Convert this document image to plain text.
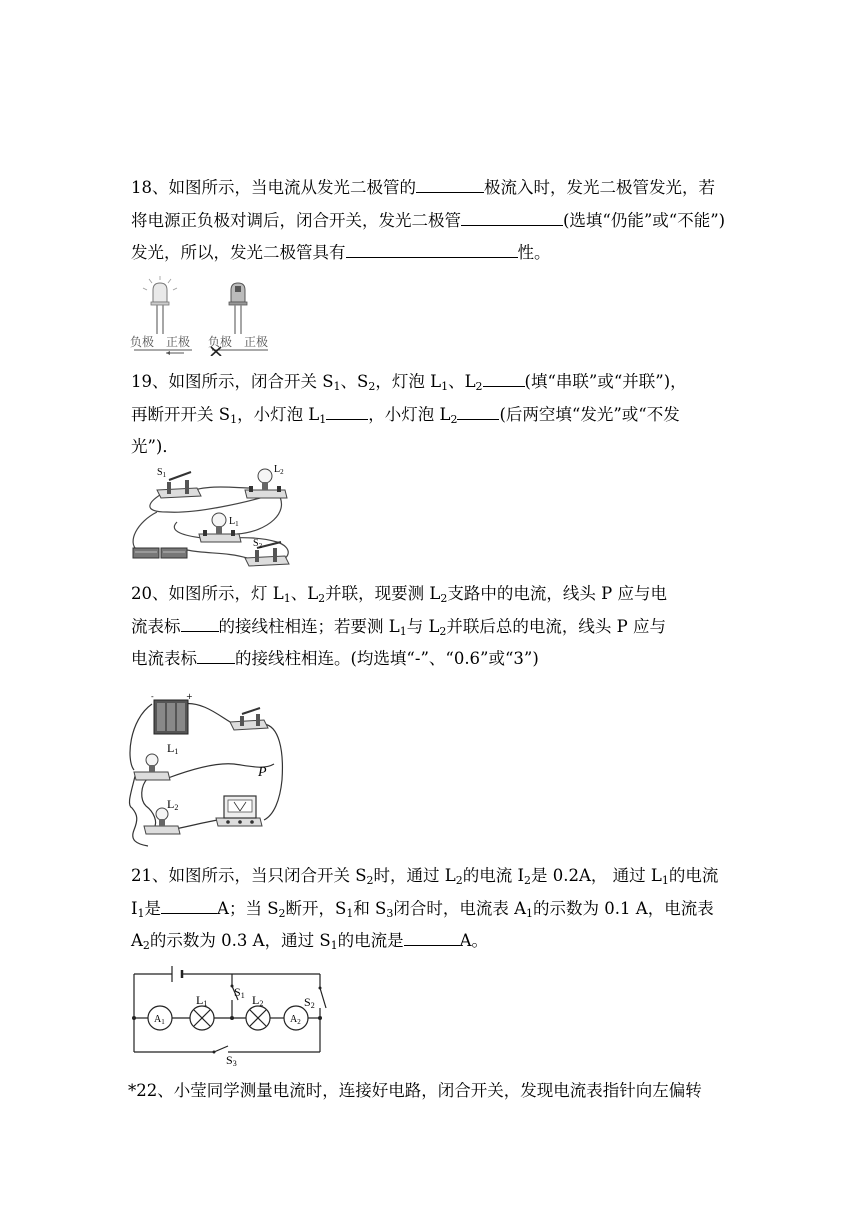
18、如图所示，当电流从发光二极管的	极流入时，发光二极管发光，若

将电源正负极对调后，闭合开关，发光二极管	(选填“仍能”或“不能”)

发光，所以，发光二极管具有	性。

负极 正极 负极 正极

19、如图所示，闭合开关 $S_1$、$S_2$，灯泡 $L_1$、$L_2$	(填“串联”或“并联”)，

再断开开关 $S_1$，小灯泡 $L_1$	，小灯泡 $L_2$	(后两空填“发光”或“不发

光”)．

$S_1$	$L_2$
$L_1$
$S_2$

20、如图所示，灯 $L_1$、$L_2$并联，现要测 $L_2$支路中的电流，线头 P 应与电

流表标 的接线柱相连；若要测 $L_1$与 $L_2$并联后总的电流，线头 P 应与

电流表标 的接线柱相连。(均选填“-”、“0.6”或“3”)

-	+
L1
P
L2

21、如图所示，当只闭合开关 $S_2$时，通过 $L_2$的电流 $I_2$是 0.2A， 通过 $L_1$的电流

$I_1$是	A；当 $S_2$断开，$S_1$和 $S_3$闭合时，电流表 $A_1$的示数为 0.1 A，电流表

$A_2$的示数为 0.3 A，通过 $S_1$的电流是	A。

S1	S2
S3
$A_1$
L1	L2
$A_2$

*22、小莹同学测量电流时，连接好电路，闭合开关，发现电流表指针向左偏转
